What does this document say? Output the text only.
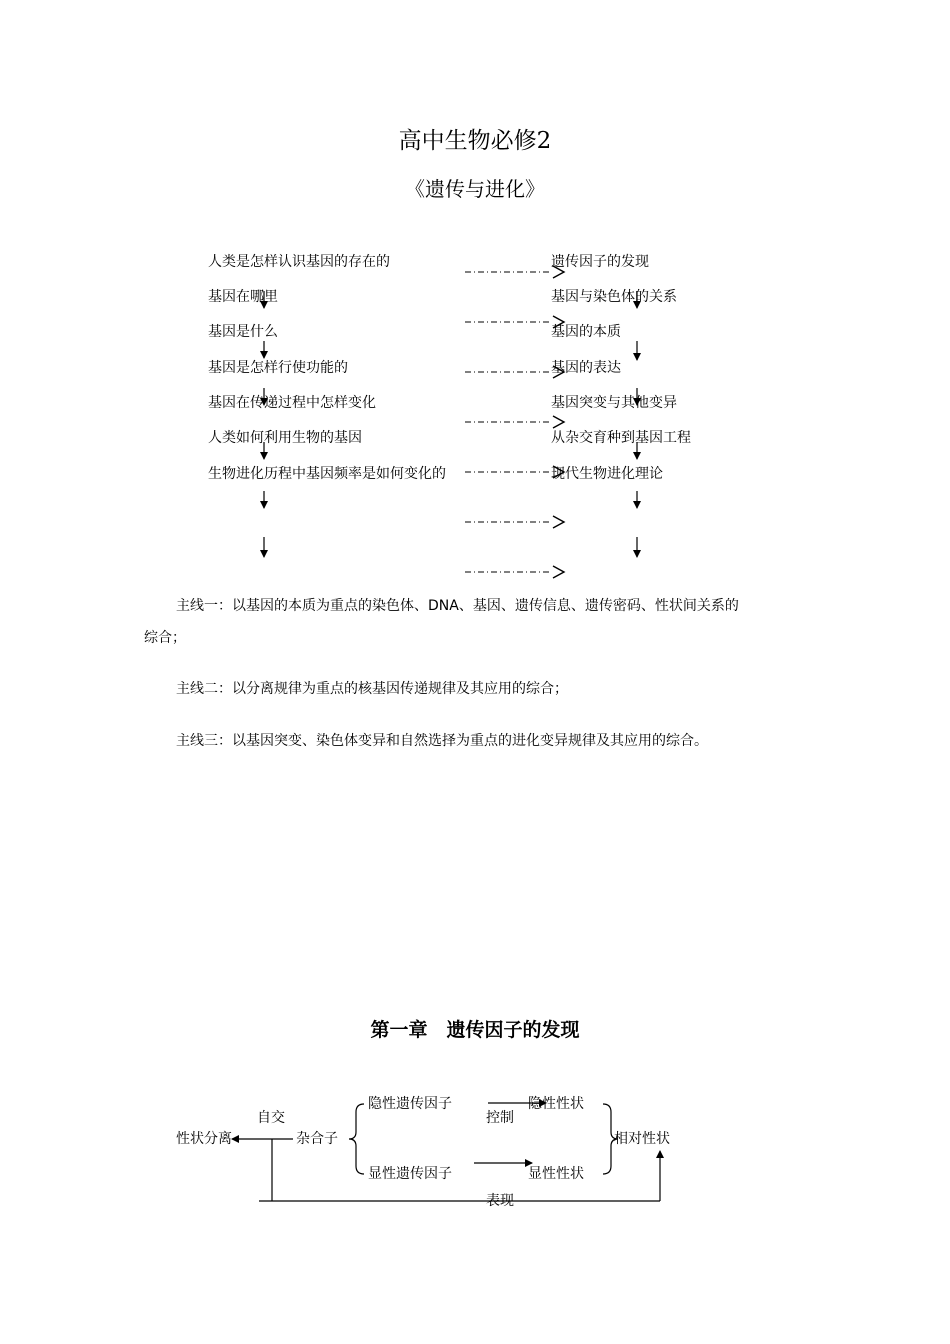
高中生物必修2
《遗传与进化》
人类是怎样认识基因的存在的
基因在哪里
基因是什么
基因是怎样行使功能的
基因在传递过程中怎样变化
人类如何利用生物的基因
生物进化历程中基因频率是如何变化的
遗传因子的发现
基因与染色体的关系
基因的本质
基因的表达
基因突变与其他变异
从杂交育种到基因工程
现代生物进化理论
主线一：以基因的本质为重点的染色体、DNA、基因、遗传信息、遗传密码、性状间关系的
综合；
主线二：以分离规律为重点的核基因传递规律及其应用的综合；
主线三：以基因突变、染色体变异和自然选择为重点的进化变异规律及其应用的综合。
第一章　遗传因子的发现
自交
性状分离	杂合子
隐性遗传因子
显性遗传因子
控制
隐性性状
显性性状
相对性状
表现
